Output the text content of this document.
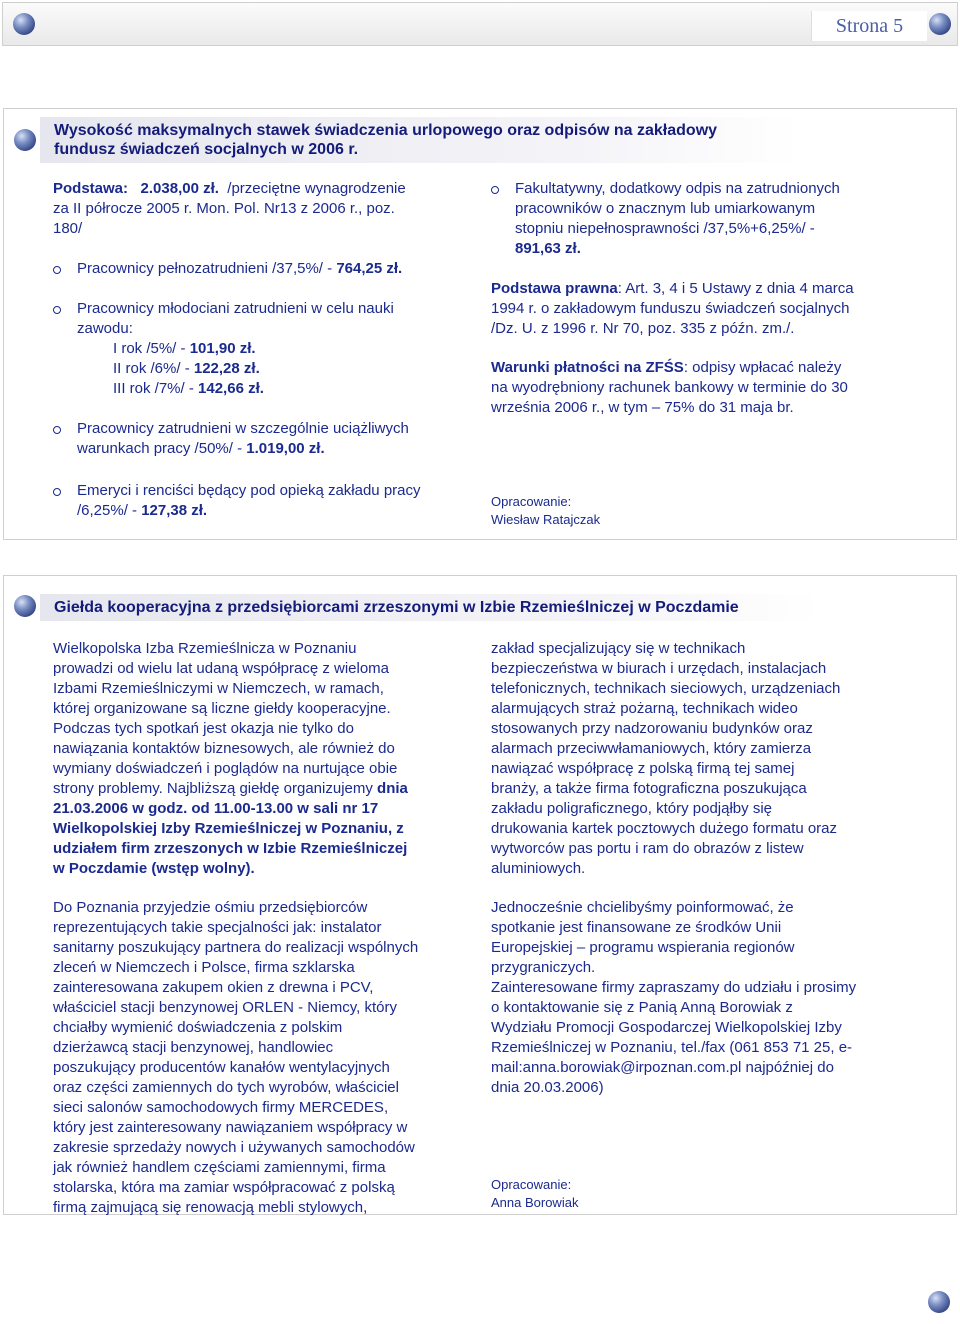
Strona 5
Wysokość maksymalnych stawek świadczenia urlopowego oraz odpisów na zakładowy
fundusz świadczeń socjalnych w 2006 r.
Podstawa: 2.038,00 zł. /przeciętne wynagrodzenie
za II półrocze 2005 r. Mon. Pol. Nr13 z 2006 r., poz.
180/
Pracownicy pełnozatrudnieni /37,5%/ - 764,25 zł.
Pracownicy młodociani zatrudnieni w celu nauki
zawodu:
I rok /5%/ - 101,90 zł.
II rok /6%/ - 122,28 zł.
III rok /7%/ - 142,66 zł.
Pracownicy zatrudnieni w szczególnie uciążliwych
warunkach pracy /50%/ - 1.019,00 zł.
Emeryci i renciści będący pod opieką zakładu pracy
/6,25%/ - 127,38 zł.
Fakultatywny, dodatkowy odpis na zatrudnionych
pracowników o znacznym lub umiarkowanym
stopniu niepełnosprawności /37,5%+6,25%/ -
891,63 zł.
Podstawa prawna: Art. 3, 4 i 5 Ustawy z dnia 4 marca
1994 r. o zakładowym funduszu świadczeń socjalnych
/Dz. U. z 1996 r. Nr 70, poz. 335 z późn. zm./.
Warunki płatności na ZFŚS: odpisy wpłacać należy
na wyodrębniony rachunek bankowy w terminie do 30
września 2006 r., w tym – 75% do 31 maja br.
Opracowanie:
Wiesław Ratajczak
Giełda kooperacyjna z przedsiębiorcami zrzeszonymi w Izbie Rzemieślniczej w Poczdamie
Wielkopolska Izba Rzemieślnicza w Poznaniu
prowadzi od wielu lat udaną współpracę z wieloma
Izbami Rzemieślniczymi w Niemczech, w ramach,
której organizowane są liczne giełdy kooperacyjne.
Podczas tych spotkań jest okazja nie tylko do
nawiązania kontaktów biznesowych, ale również do
wymiany doświadczeń i poglądów na nurtujące obie
strony problemy. Najbliższą giełdę organizujemy dnia
21.03.2006 w godz. od 11.00-13.00 w sali nr 17
Wielkopolskiej Izby Rzemieślniczej w Poznaniu, z
udziałem firm zrzeszonych w Izbie Rzemieślniczej
w Poczdamie (wstęp wolny).
Do Poznania przyjedzie ośmiu przedsiębiorców
reprezentujących takie specjalności jak: instalator
sanitarny poszukujący partnera do realizacji wspólnych
zleceń w Niemczech i Polsce, firma szklarska
zainteresowana zakupem okien z drewna i PCV,
właściciel stacji benzynowej ORLEN - Niemcy, który
chciałby wymienić doświadczenia z polskim
dzierżawcą stacji benzynowej, handlowiec
poszukujący producentów kanałów wentylacyjnych
oraz części zamiennych do tych wyrobów, właściciel
sieci salonów samochodowych firmy MERCEDES,
który jest zainteresowany nawiązaniem współpracy w
zakresie sprzedaży nowych i używanych samochodów
jak również handlem częściami zamiennymi, firma
stolarska, która ma zamiar współpracować z polską
firmą zajmującą się renowacją mebli stylowych,
zakład specjalizujący się w technikach
bezpieczeństwa w biurach i urzędach, instalacjach
telefonicznych, technikach sieciowych, urządzeniach
alarmujących straż pożarną, technikach wideo
stosowanych przy nadzorowaniu budynków oraz
alarmach przeciwwłamaniowych, który zamierza
nawiązać współpracę z polską firmą tej samej
branży, a także firma fotograficzna poszukująca
zakładu poligraficznego, który podjąłby się
drukowania kartek pocztowych dużego formatu oraz
wytworców pas portu i ram do obrazów z listew
aluminiowych.
Jednocześnie chcielibyśmy poinformować, że
spotkanie jest finansowane ze środków Unii
Europejskiej – programu wspierania regionów
przygraniczych.
Zainteresowane firmy zapraszamy do udziału i prosimy
o kontaktowanie się z Panią Anną Borowiak z
Wydziału Promocji Gospodarczej Wielkopolskiej Izby
Rzemieślniczej w Poznaniu, tel./fax (061 853 71 25, e-
mail:anna.borowiak@irpoznan.com.pl najpóźniej do
dnia 20.03.2006)
Opracowanie:
Anna Borowiak
